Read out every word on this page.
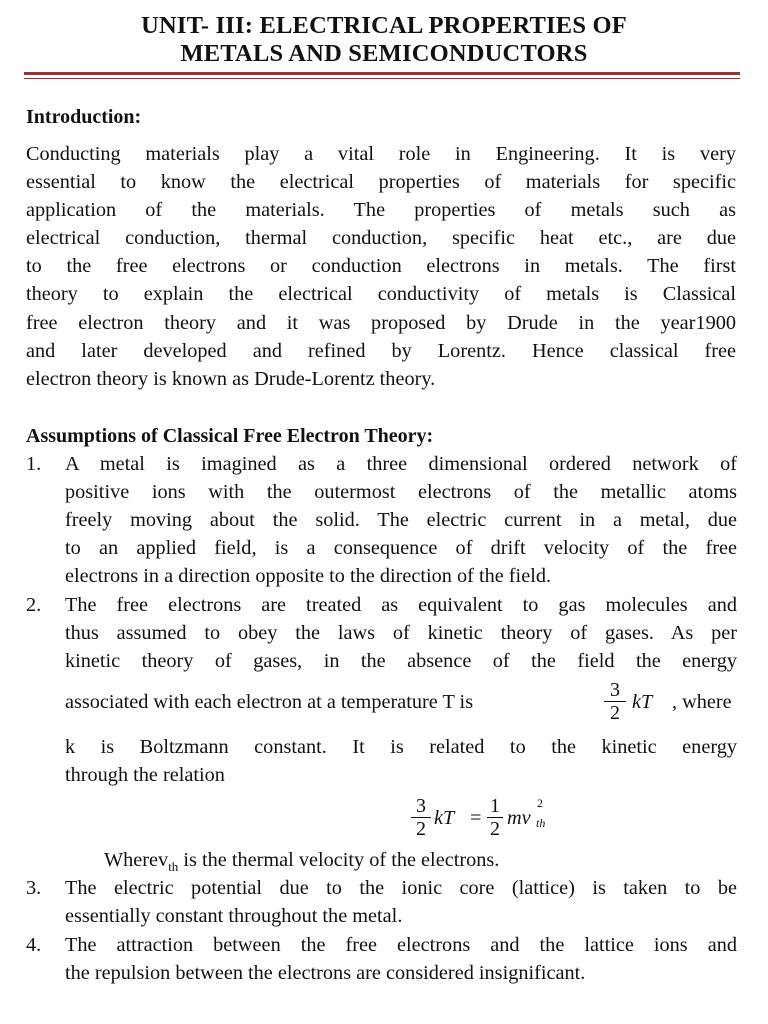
UNIT- III: ELECTRICAL PROPERTIES OF
METALS AND SEMICONDUCTORS
Introduction:
Conducting materials play a vital role in Engineering. It is very
essential to know the electrical properties of materials for specific
application of the materials. The properties of metals such as
electrical conduction, thermal conduction, specific heat etc., are due
to the free electrons or conduction electrons in metals. The first
theory to explain the electrical conductivity of metals is Classical
free electron theory and it was proposed by Drude in the year1900
and later developed and refined by Lorentz. Hence classical free
electron theory is known as Drude-Lorentz theory.
Assumptions of Classical Free Electron Theory:
1.	A metal is imagined as a three dimensional ordered network of
positive ions with the outermost electrons of the metallic atoms
freely moving about the solid. The electric current in a metal, due
to an applied field, is a consequence of drift velocity of the free
electrons in a direction opposite to the direction of the field.
2.	The free electrons are treated as equivalent to gas molecules and
thus assumed to obey the laws of kinetic theory of gases. As per
kinetic theory of gases, in the absence of the field the energy
associated with each electron at a temperature T is
3
2 kT , where
k is Boltzmann constant. It is related to the kinetic energy
through the relation
3
2 kT =
1
2 mv
2
th
Wherev$_{th}$ is the thermal velocity of the electrons.
3.	The electric potential due to the ionic core (lattice) is taken to be
essentially constant throughout the metal.
4.	The attraction between the free electrons and the lattice ions and
the repulsion between the electrons are considered insignificant.
